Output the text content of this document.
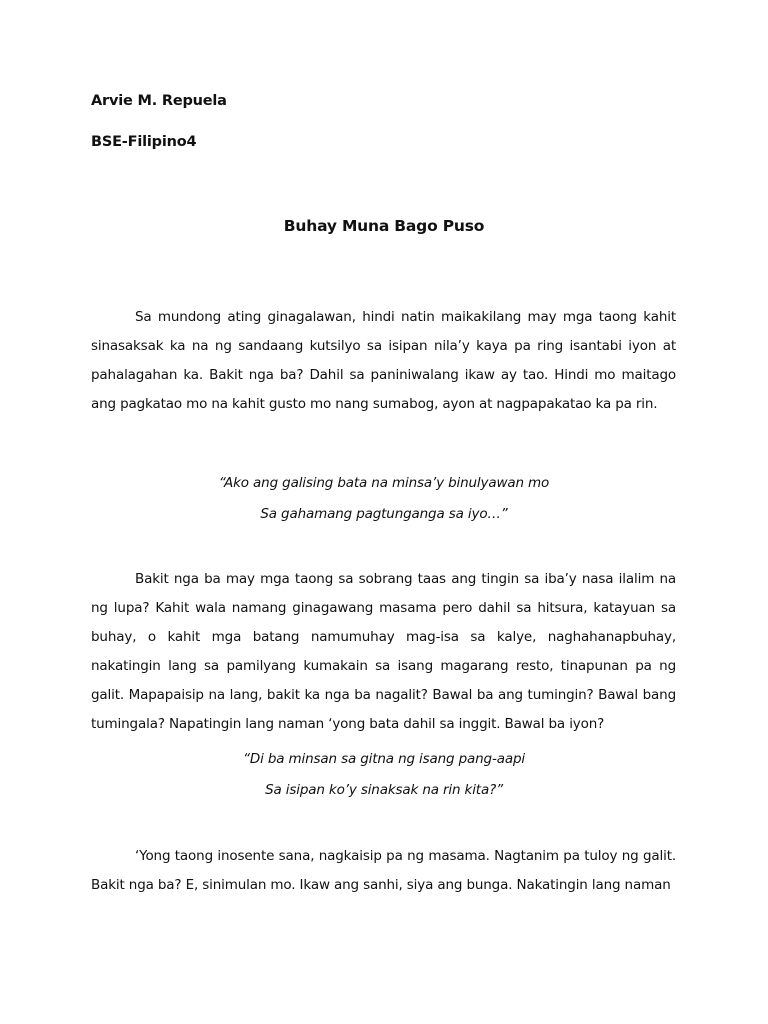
Arvie M. Repuela

BSE-Filipino4

Buhay Muna Bago Puso

Sa mundong ating ginagalawan, hindi natin maikakilang may mga taong kahit sinasaksak ka na ng sandaang kutsilyo sa isipan nila’y kaya pa ring isantabi iyon at pahalagahan ka. Bakit nga ba? Dahil sa paniniwalang ikaw ay tao. Hindi mo maitago ang pagkatao mo na kahit gusto mo nang sumabog, ayon at nagpapakatao ka pa rin.

“Ako ang galising bata na minsa’y binulyawan mo
Sa gahamang pagtunganga sa iyo…”

Bakit nga ba may mga taong sa sobrang taas ang tingin sa iba’y nasa ilalim na ng lupa? Kahit wala namang ginagawang masama pero dahil sa hitsura, katayuan sa buhay, o kahit mga batang namumuhay mag-isa sa kalye, naghahanapbuhay, nakatingin lang sa pamilyang kumakain sa isang magarang resto, tinapunan pa ng galit. Mapapaisip na lang, bakit ka nga ba nagalit? Bawal ba ang tumingin? Bawal bang tumingala? Napatingin lang naman ‘yong bata dahil sa inggit. Bawal ba iyon?

“Di ba minsan sa gitna ng isang pang-aapi
Sa isipan ko’y sinaksak na rin kita?”

‘Yong taong inosente sana, nagkaisip pa ng masama. Nagtanim pa tuloy ng galit. Bakit nga ba? E, sinimulan mo. Ikaw ang sanhi, siya ang bunga. Nakatingin lang naman
